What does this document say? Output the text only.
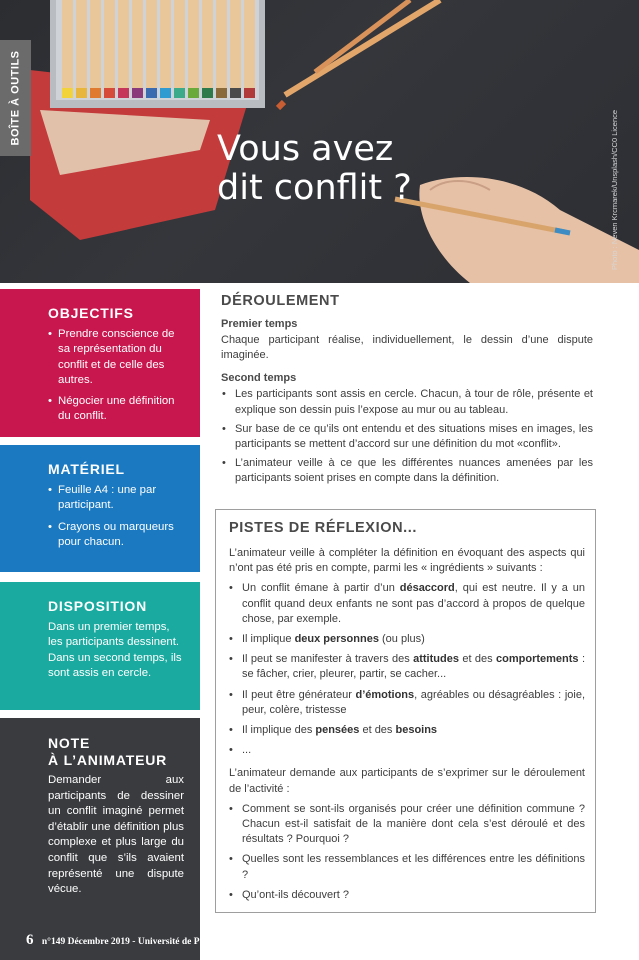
BOÎTE À OUTILS
Vous avez
dit conflit ?	Photo : Neven Krcmarek/Unsplash/CC0 Licence
OBJECTIFS
• Prendre conscience de sa représentation du conflit et de celle des autres.
• Négocier une définition du conflit.
MATÉRIEL
• Feuille A4 : une par participant.
• Crayons ou marqueurs pour chacun.
DISPOSITION

Dans un premier temps, les participants dessinent. Dans un second temps, ils sont assis en cercle.

NOTE
À L’ANIMATEUR

Demander aux participants de dessiner un conflit imaginé permet d’établir une définition plus complexe et plus large du conflit que s’ils avaient représenté une dispute vécue.

6 n°149 Décembre 2019 - Université de Paix asbl
DÉROULEMENT
Premier temps

Chaque participant réalise, individuellement, le dessin d’une dispute imaginée.

Second temps
• Les participants sont assis en cercle. Chacun, à tour de rôle, présente et explique son dessin puis l’expose au mur ou au tableau.
• Sur base de ce qu’ils ont entendu et des situations mises en images, les participants se mettent d’accord sur une définition du mot «conflit».
• L’animateur veille à ce que les différentes nuances amenées par les participants soient prises en compte dans la définition.
PISTES DE RÉFLEXION...

L’animateur veille à compléter la définition en évoquant des aspects qui n’ont pas été pris en compte, parmi les « ingrédients » suivants :

• Un conflit émane à partir d’un désaccord, qui est neutre. Il y a un conflit quand deux enfants ne sont pas d’accord à propos de quelque chose, par exemple.
• Il implique deux personnes (ou plus)
• Il peut se manifester à travers des attitudes et des comportements : se fâcher, crier, pleurer, partir, se cacher...
• Il peut être générateur d’émotions, agréables ou désagréables : joie, peur, colère, tristesse
• Il implique des pensées et des besoins
• ...

L’animateur demande aux participants de s’exprimer sur le déroulement de l’activité :

• Comment se sont-ils organisés pour créer une définition commune ? Chacun est-il satisfait de la manière dont cela s’est déroulé et des résultats ? Pourquoi ?
• Quelles sont les ressemblances et les différences entre les définitions ?
• Qu’ont-ils découvert ?
